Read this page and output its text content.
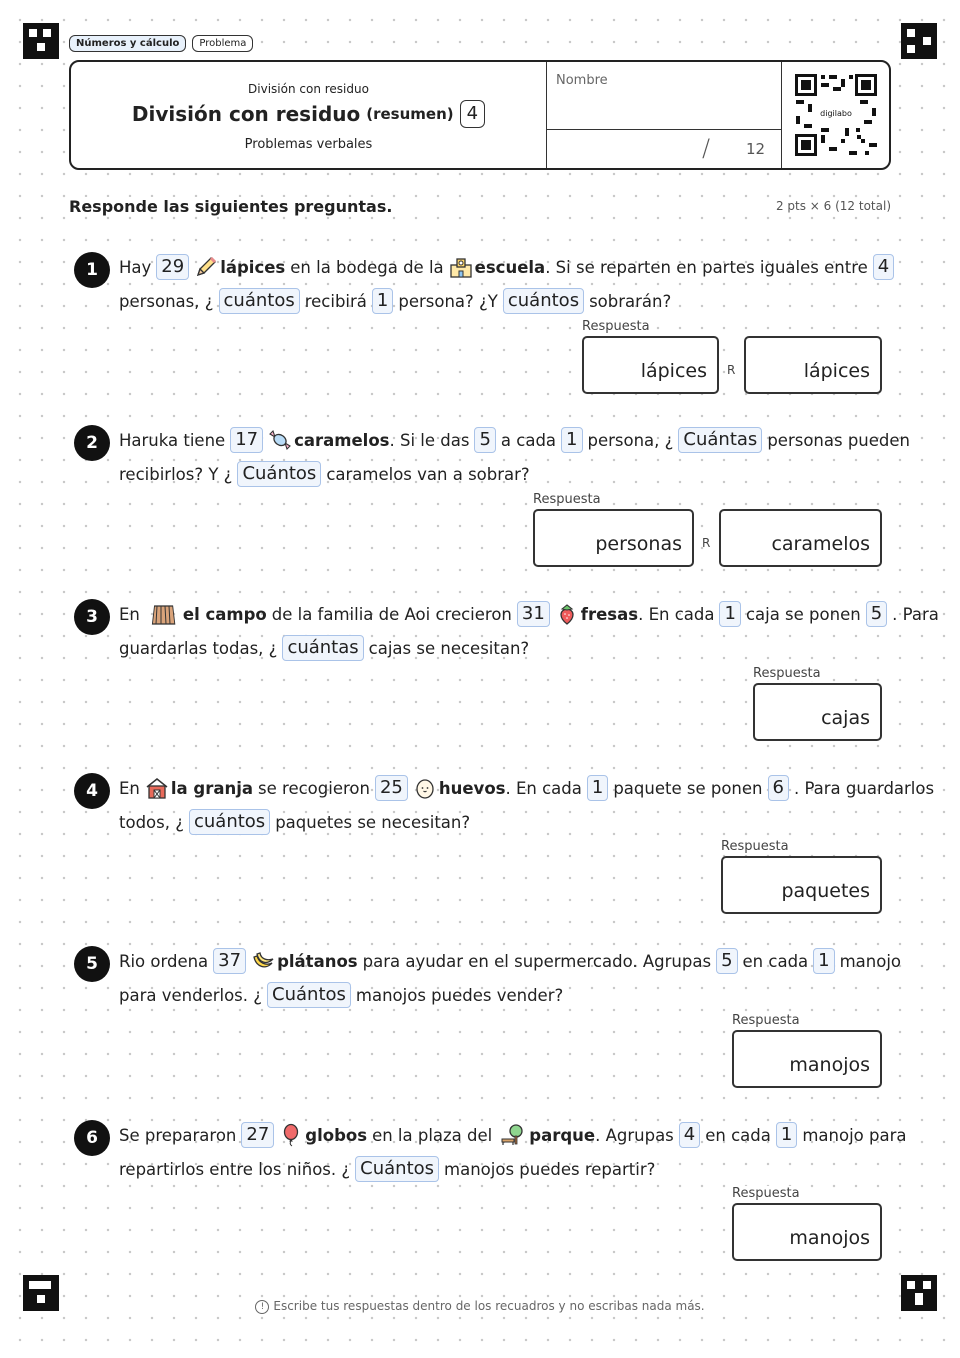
Números y cálculo	Problema
División con residuo
División con residuo (resumen) 4
Problemas verbales
Nombre
/ 12
digilabo
Responde las siguientes preguntas.	2 pts × 6 (12 total)
1	Hay 29	lápices en la bodega de la escuela . Si se reparten en partes iguales entre 4
personas, ¿ cuántos recibirá 1 persona? ¿Y cuántos sobrarán?
Respuesta
lápices R	lápices
2	Haruka tiene 17	caramelos . Si le das 5 a cada 1 persona, ¿ Cuántas personas pueden
recibirlos? Y ¿ Cuántos caramelos van a sobrar?
Respuesta
personas R	caramelos
3	En	el campo de la familia de Aoi crecieron 31	fresas . En cada 1 caja se ponen 5 . Para
guardarlas todas, ¿ cuántas cajas se necesitan?
Respuesta
cajas
4	En la granja se recogieron 25	huevos . En cada 1 paquete se ponen 6 . Para guardarlos
todos, ¿ cuántos paquetes se necesitan?
Respuesta
paquetes
5	Rio ordena 37	plátanos para ayudar en el supermercado. Agrupas 5 en cada 1 manojo
para venderlos. ¿ Cuántos manojos puedes vender?
Respuesta
manojos
6	Se prepararon 27	globos en la plaza del parque . Agrupas 4 en cada 1 manojo para
repartirlos entre los niños. ¿ Cuántos manojos puedes repartir?
Respuesta
manojos
! Escribe tus respuestas dentro de los recuadros y no escribas nada más.
